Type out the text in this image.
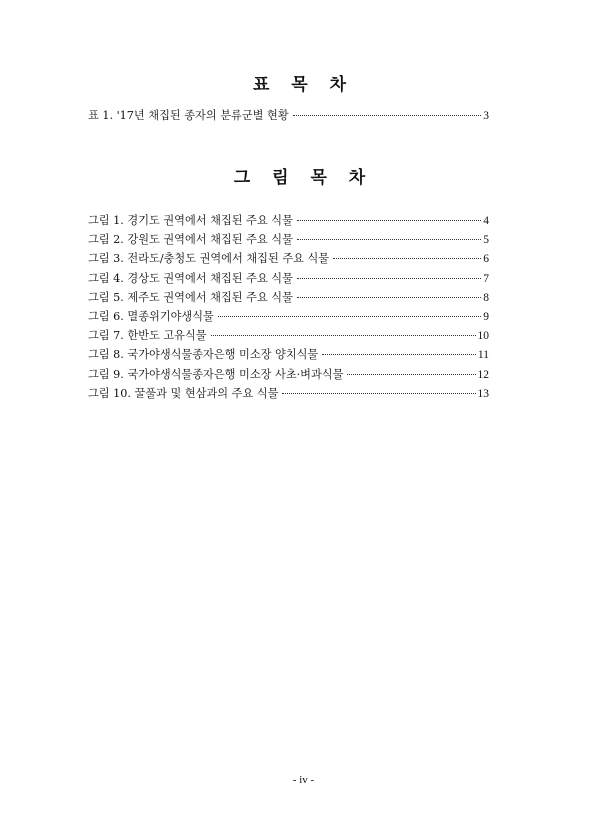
표 목 차
표 1. '17년 채집된 종자의 분류군별 현황	3
그 림 목 차
그림 1. 경기도 권역에서 채집된 주요 식물	4
그림 2. 강원도 권역에서 채집된 주요 식물	5
그림 3. 전라도/충청도 권역에서 채집된 주요 식물	6
그림 4. 경상도 권역에서 채집된 주요 식물	7
그림 5. 제주도 권역에서 채집된 주요 식물	8
그림 6. 멸종위기야생식물	9
그림 7. 한반도 고유식물	10
그림 8. 국가야생식물종자은행 미소장 양치식물	11
그림 9. 국가야생식물종자은행 미소장 사초·벼과식물	12
그림 10. 꿀풀과 및 현삼과의 주요 식물	13
- iv -
